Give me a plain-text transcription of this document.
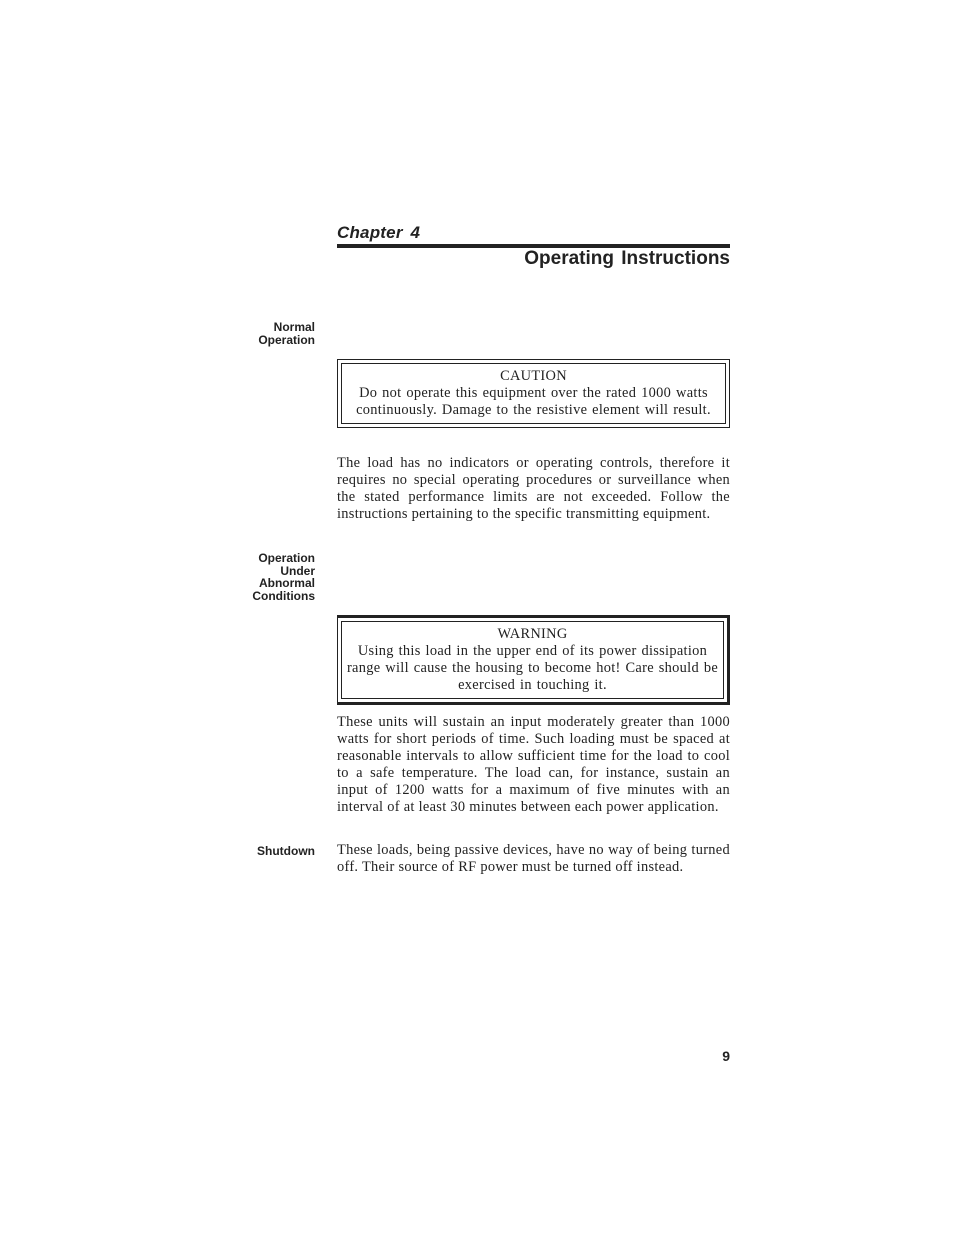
Chapter 4
Operating Instructions
Normal
Operation
CAUTION
Do not operate this equipment over the rated 1000 watts continuously. Damage to the resistive element will result.

The load has no indicators or operating controls, therefore it requires no special operating procedures or surveillance when the stated performance limits are not exceeded. Follow the instructions pertaining to the specific transmitting equipment.

Operation
Under
Abnormal
Conditions
WARNING
Using this load in the upper end of its power dissipation range will cause the housing to become hot! Care should be exercised in touching it.

These units will sustain an input moderately greater than 1000 watts for short periods of time. Such loading must be spaced at reasonable intervals to allow sufficient time for the load to cool to a safe temperature. The load can, for instance, sustain an input of 1200 watts for a maximum of five minutes with an interval of at least 30 minutes between each power application.

Shutdown These loads, being passive devices, have no way of being turned off. Their source of RF power must be turned off instead.

9
